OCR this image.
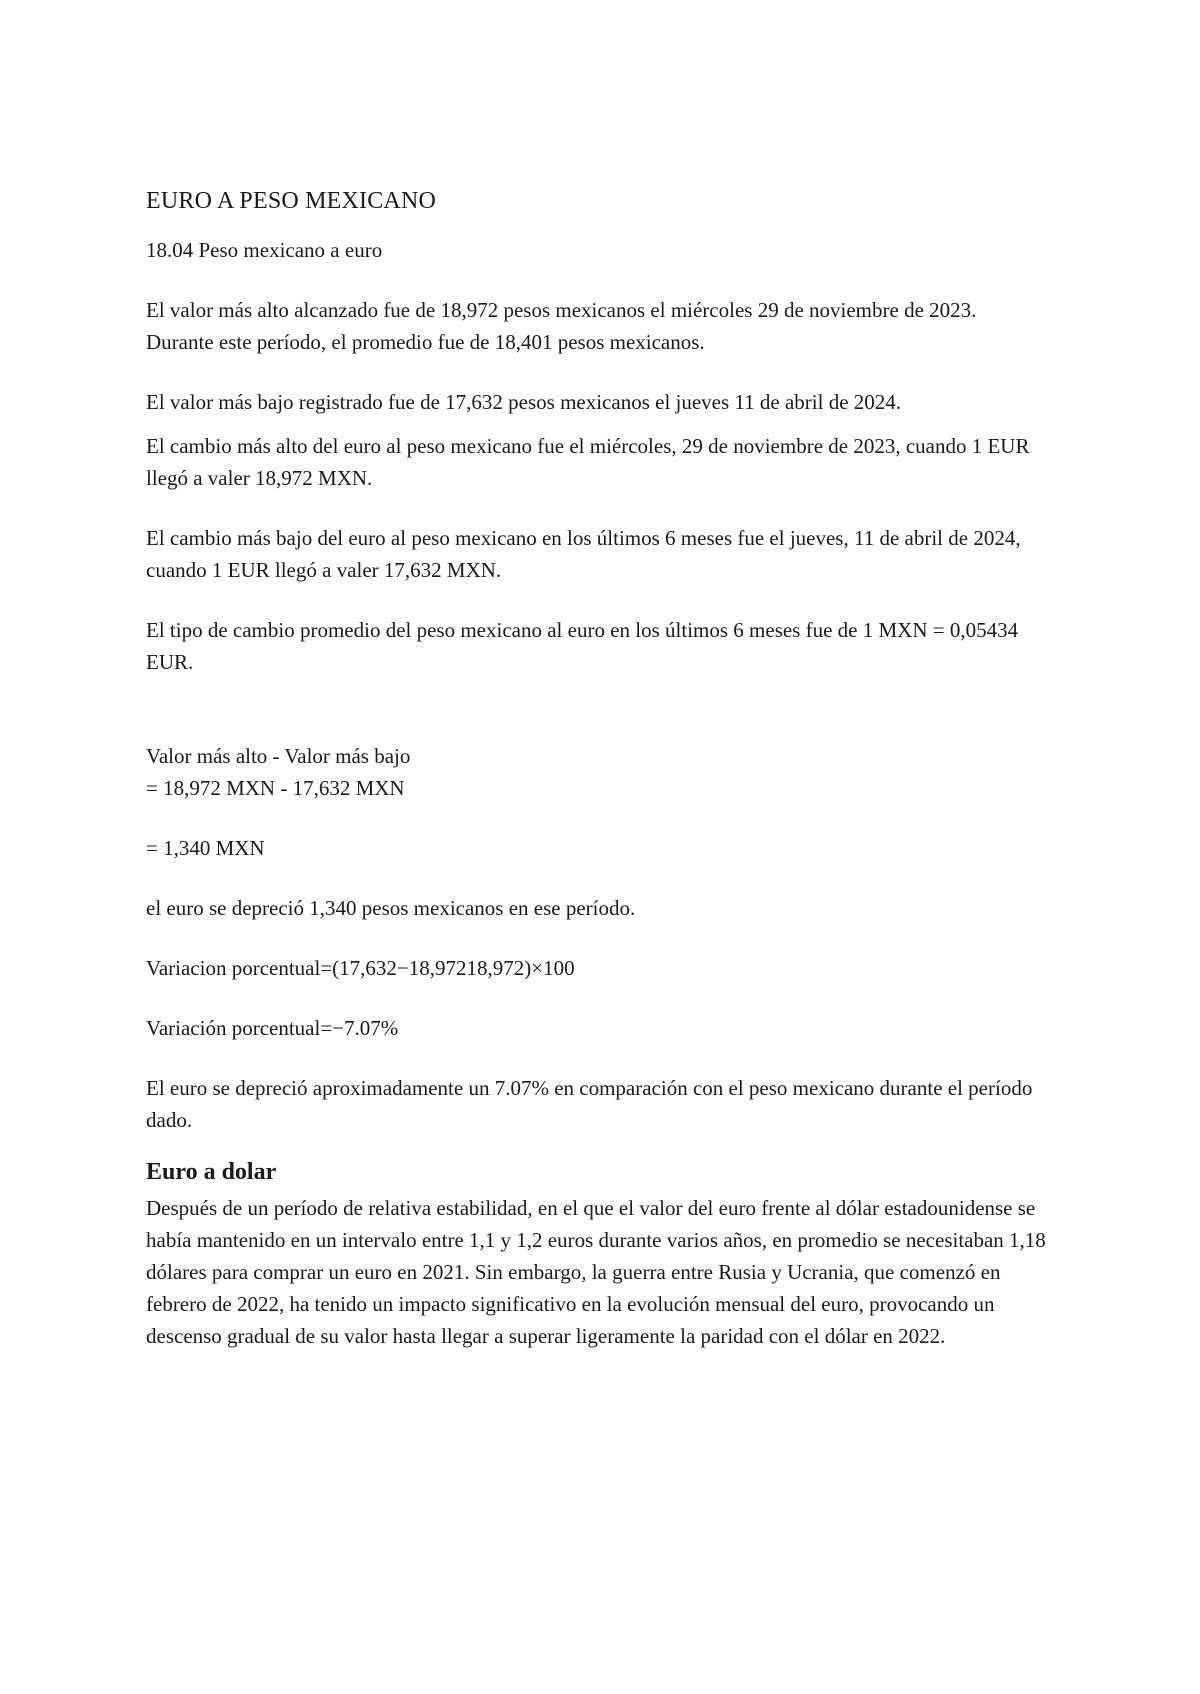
EURO A PESO MEXICANO

18.04 Peso mexicano a euro

El valor más alto alcanzado fue de 18,972 pesos mexicanos el miércoles 29 de noviembre de 2023.

Durante este período, el promedio fue de 18,401 pesos mexicanos.

El valor más bajo registrado fue de 17,632 pesos mexicanos el jueves 11 de abril de 2024.

El cambio más alto del euro al peso mexicano fue el miércoles, 29 de noviembre de 2023, cuando 1 EUR llegó a valer 18,972 MXN.

El cambio más bajo del euro al peso mexicano en los últimos 6 meses fue el jueves, 11 de abril de 2024, cuando 1 EUR llegó a valer 17,632 MXN.

El tipo de cambio promedio del peso mexicano al euro en los últimos 6 meses fue de 1 MXN = 0,05434 EUR.

Valor más alto - Valor más bajo

= 18,972 MXN - 17,632 MXN

= 1,340 MXN

el euro se depreció 1,340 pesos mexicanos en ese período.

Variacion porcentual=(17,632−18,97218,972)×100

Variación porcentual=−7.07%

El euro se depreció aproximadamente un 7.07% en comparación con el peso mexicano durante el período dado.

Euro a dolar

Después de un período de relativa estabilidad, en el que el valor del euro frente al dólar estadounidense se había mantenido en un intervalo entre 1,1 y 1,2 euros durante varios años, en promedio se necesitaban 1,18 dólares para comprar un euro en 2021. Sin embargo, la guerra entre Rusia y Ucrania, que comenzó en febrero de 2022, ha tenido un impacto significativo en la evolución mensual del euro, provocando un descenso gradual de su valor hasta llegar a superar ligeramente la paridad con el dólar en 2022.
